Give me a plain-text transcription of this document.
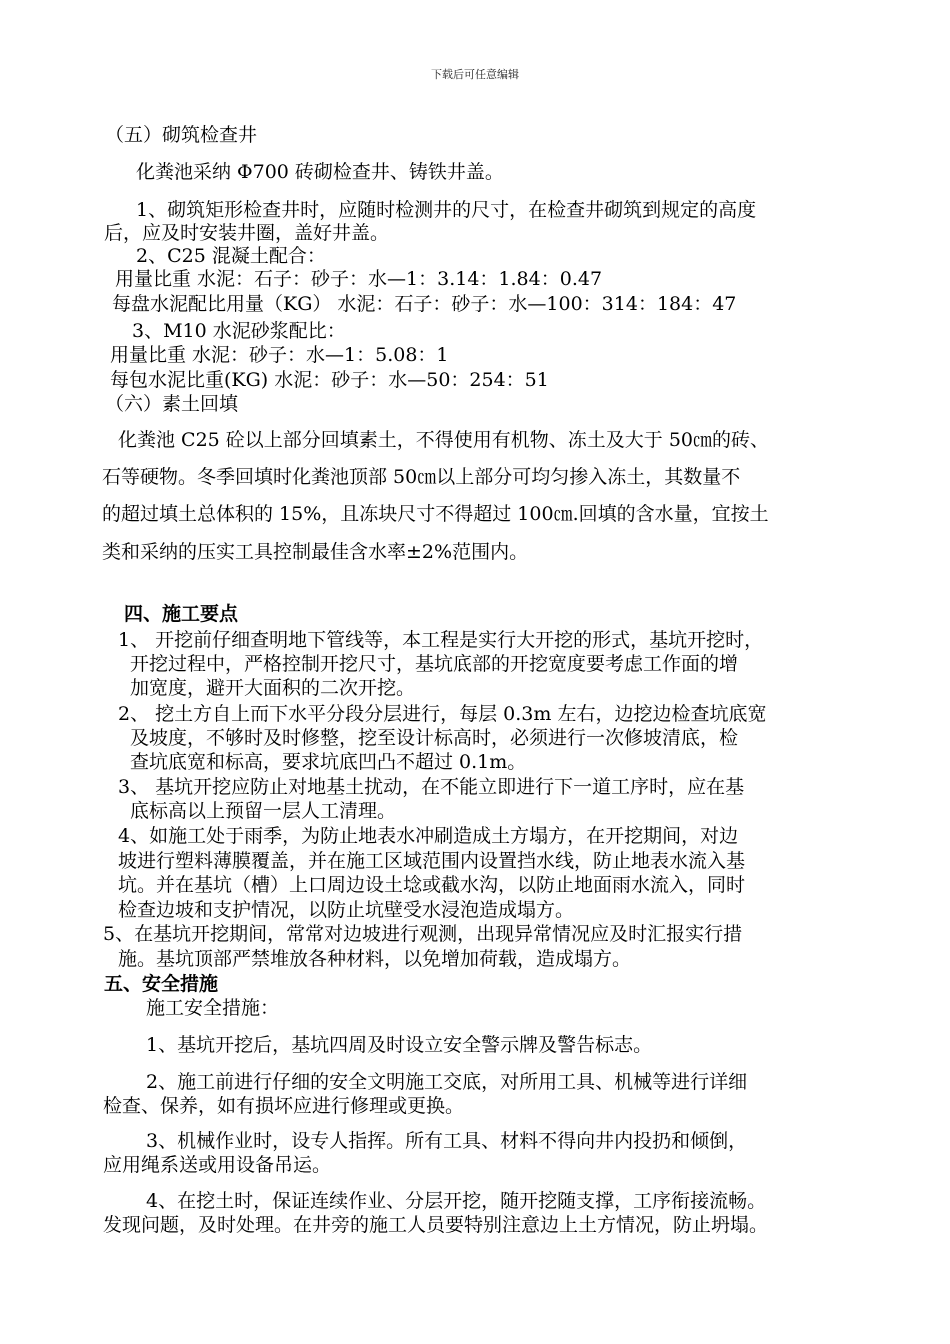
下载后可任意编辑
（五）砌筑检查井
化粪池采纳 Φ700 砖砌检查井、铸铁井盖。
1、砌筑矩形检查井时，应随时检测井的尺寸，在检查井砌筑到规定的高度
后，应及时安装井圈，盖好井盖。
2、C25 混凝土配合：
用量比重 水泥：石子：砂子：水—1：3.14：1.84：0.47
每盘水泥配比用量（KG） 水泥：石子：砂子：水—100：314：184：47
3、M10 水泥砂浆配比：
用量比重 水泥：砂子：水—1：5.08：1
每包水泥比重(KG) 水泥：砂子：水—50：254：51
（六）素土回填
化粪池 C25 砼以上部分回填素土，不得使用有机物、冻土及大于 50㎝的砖、
石等硬物。冬季回填时化粪池顶部 50㎝以上部分可均匀掺入冻土，其数量不
的超过填土总体积的 15%，且冻块尺寸不得超过 100㎝.回填的含水量，宜按土
类和采纳的压实工具控制最佳含水率±2%范围内。
四、施工要点
1、 开挖前仔细查明地下管线等，本工程是实行大开挖的形式，基坑开挖时，
开挖过程中，严格控制开挖尺寸，基坑底部的开挖宽度要考虑工作面的增
加宽度，避开大面积的二次开挖。
2、 挖土方自上而下水平分段分层进行，每层 0.3m 左右，边挖边检查坑底宽
及坡度，不够时及时修整，挖至设计标高时，必须进行一次修坡清底，检
查坑底宽和标高，要求坑底凹凸不超过 0.1m。
3、 基坑开挖应防止对地基土扰动，在不能立即进行下一道工序时，应在基
底标高以上预留一层人工清理。
4、如施工处于雨季，为防止地表水冲刷造成土方塌方，在开挖期间，对边
坡进行塑料薄膜覆盖，并在施工区域范围内设置挡水线，防止地表水流入基
坑。并在基坑（槽）上口周边设土埝或截水沟，以防止地面雨水流入，同时
检查边坡和支护情况，以防止坑壁受水浸泡造成塌方。
5、在基坑开挖期间，常常对边坡进行观测，出现异常情况应及时汇报实行措
施。基坑顶部严禁堆放各种材料，以免增加荷载，造成塌方。
五、安全措施
施工安全措施：
1、基坑开挖后，基坑四周及时设立安全警示牌及警告标志。
2、施工前进行仔细的安全文明施工交底，对所用工具、机械等进行详细
检查、保养，如有损坏应进行修理或更换。
3、机械作业时，设专人指挥。所有工具、材料不得向井内投扔和倾倒，
应用绳系送或用设备吊运。
4、在挖土时，保证连续作业、分层开挖，随开挖随支撑，工序衔接流畅。
发现问题，及时处理。在井旁的施工人员要特别注意边上土方情况，防止坍塌。
